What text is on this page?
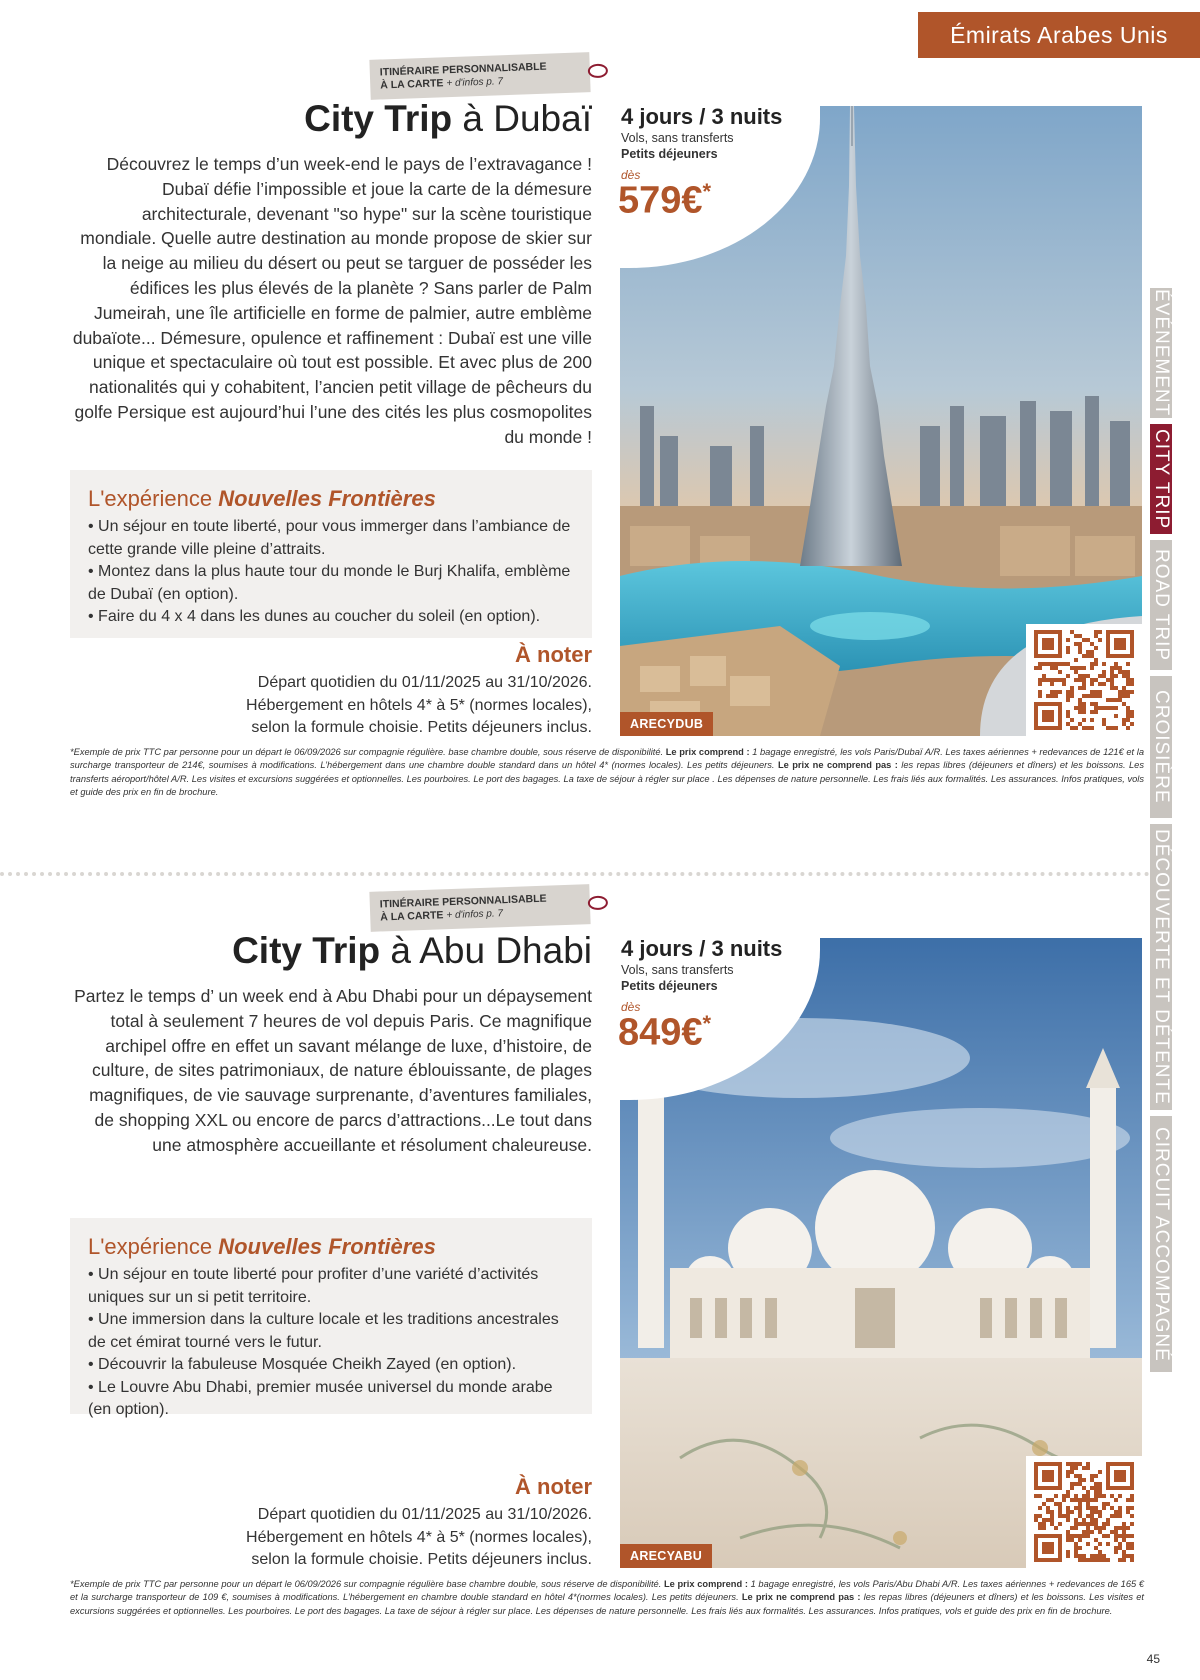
Émirats Arabes Unis
ÉVÉNEMENT
CITY TRIP
ROAD TRIP
CROISIÈRE
DÉCOUVERTE ET DÉTENTE
CIRCUIT ACCOMPAGNÉ
ITINÉRAIRE PERSONNALISABLE
À LA CARTE + d'infos p. 7
City Trip à Dubaï

Découvrez le temps d’un week-end le pays de l’extravagance ! Dubaï défie l’impossible et joue la carte de la démesure architecturale, devenant "so hype" sur la scène touristique mondiale. Quelle autre destination au monde propose de skier sur la neige au milieu du désert ou peut se targuer de posséder les édifices les plus élevés de la planète ? Sans parler de Palm Jumeirah, une île artificielle en forme de palmier, autre emblème dubaïote... Démesure, opulence et raffinement : Dubaï est une ville unique et spectaculaire où tout est possible. Et avec plus de 200 nationalités qui y cohabitent, l’ancien petit village de pêcheurs du golfe Persique est aujourd’hui l’une des cités les plus cosmopolites du monde !

L'expérience Nouvelles Frontières
• Un séjour en toute liberté, pour vous immerger dans l’ambiance de cette grande ville pleine d’attraits.
• Montez dans la plus haute tour du monde le Burj Khalifa, emblème de Dubaï (en option).
• Faire du 4 x 4 dans les dunes au coucher du soleil (en option).
À noter
Départ quotidien du 01/11/2025 au 31/10/2026.
Hébergement en hôtels 4* à 5* (normes locales),
selon la formule choisie. Petits déjeuners inclus.
4 jours / 3 nuits
Vols, sans transferts
Petits déjeuners
dès
579€*
ARECYDUB
*Exemple de prix TTC par personne pour un départ le 06/09/2026 sur compagnie régulière. base chambre double, sous réserve de disponibilité. Le prix comprend : 1 bagage enregistré, les vols Paris/Dubaï A/R. Les taxes aériennes + redevances de 121€ et la surcharge transporteur de 214€, soumises à modifications. L’hébergement dans une chambre double standard dans un hôtel 4* (normes locales). Les petits déjeuners. Le prix ne comprend pas : les repas libres (déjeuners et dîners) et les boissons. Les transferts aéroport/hôtel A/R. Les visites et excursions suggérées et optionnelles. Les pourboires. Le port des bagages. La taxe de séjour à régler sur place . Les dépenses de nature personnelle. Les frais liés aux formalités. Les assurances. Infos pratiques, vols et guide des prix en fin de brochure.
ITINÉRAIRE PERSONNALISABLE
À LA CARTE + d'infos p. 7
City Trip à Abu Dhabi

Partez le temps d’ un week end à Abu Dhabi pour un dépaysement total à seulement 7 heures de vol depuis Paris. Ce magnifique archipel offre en effet un savant mélange de luxe, d’histoire, de culture, de sites patrimoniaux, de nature éblouissante, de plages magnifiques, de vie sauvage surprenante, d’aventures familiales, de shopping XXL ou encore de parcs d’attractions...Le tout dans une atmosphère accueillante et résolument chaleureuse.

L'expérience Nouvelles Frontières
• Un séjour en toute liberté pour profiter d’une variété d’activités uniques sur un si petit territoire.
• Une immersion dans la culture locale et les traditions ancestrales de cet émirat tourné vers le futur.
• Découvrir la fabuleuse Mosquée Cheikh Zayed (en option).
• Le Louvre Abu Dhabi, premier musée universel du monde arabe (en option).
À noter
Départ quotidien du 01/11/2025 au 31/10/2026.
Hébergement en hôtels 4* à 5* (normes locales),
selon la formule choisie. Petits déjeuners inclus.
4 jours / 3 nuits
Vols, sans transferts
Petits déjeuners
dès
849€*
ARECYABU
*Exemple de prix TTC par personne pour un départ le 06/09/2026 sur compagnie régulière base chambre double, sous réserve de disponibilité. Le prix comprend : 1 bagage enregistré, les vols Paris/Abu Dhabi A/R. Les taxes aériennes + redevances de 165 € et la surcharge transporteur de 109 €, soumises à modifications. L’hébergement en chambre double standard en hôtel 4*(normes locales). Les petits déjeuners. Le prix ne comprend pas : les repas libres (déjeuners et dîners) et les boissons. Les visites et excursions suggérées et optionnelles. Les pourboires. Le port des bagages. La taxe de séjour à régler sur place. Les dépenses de nature personnelle. Les frais liés aux formalités. Les assurances. Infos pratiques, vols et guide des prix en fin de brochure.
45
